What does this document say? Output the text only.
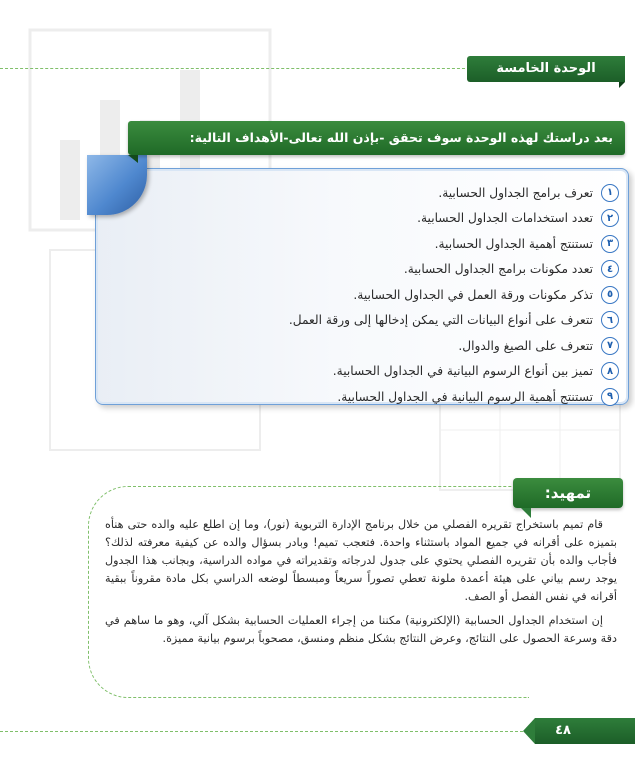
الوحدة الخامسة
بعد دراستك لهذه الوحدة سوف تحقق -بإذن الله تعالى-الأهداف التالية:
١
تعرف برامج الجداول الحسابية.
٢
تعدد استخدامات الجداول الحسابية.
٣
تستنتج أهمية الجداول الحسابية.
٤
تعدد مكونات برامج الجداول الحسابية.
٥
تذكر مكونات ورقة العمل في الجداول الحسابية.
٦
تتعرف على أنواع البيانات التي يمكن إدخالها إلى ورقة العمل.
٧
تتعرف على الصيغ والدوال.
٨
تميز بين أنواع الرسوم البيانية في الجداول الحسابية.
٩
تستنتج أهمية الرسوم البيانية في الجداول الحسابية.
تمهيد:

قام تميم باستخراج تقريره الفصلي من خلال برنامج الإدارة التربوية (نور)، وما إن اطلع عليه والده حتى هنأه بتميزه على أقرانه في جميع المواد باستثناء واحدة. فتعجب تميم! وبادر بسؤال والده عن كيفية معرفته لذلك؟ فأجاب والده بأن تقريره الفصلي يحتوي على جدول لدرجاته وتقديراته في مواده الدراسية، وبجانب هذا الجدول يوجد رسم بياني على هيئة أعمدة ملونة تعطي تصوراً سريعاً ومبسطاً لوضعه الدراسي بكل مادة مقروناً ببقية أقرانه في نفس الفصل أو الصف.

إن استخدام الجداول الحسابية (الإلكترونية) مكننا من إجراء العمليات الحسابية بشكل آلي، وهو ما ساهم في دقة وسرعة الحصول على النتائج، وعرض النتائج بشكل منظم ومنسق، مصحوباً برسوم بيانية مميزة.

٤٨
